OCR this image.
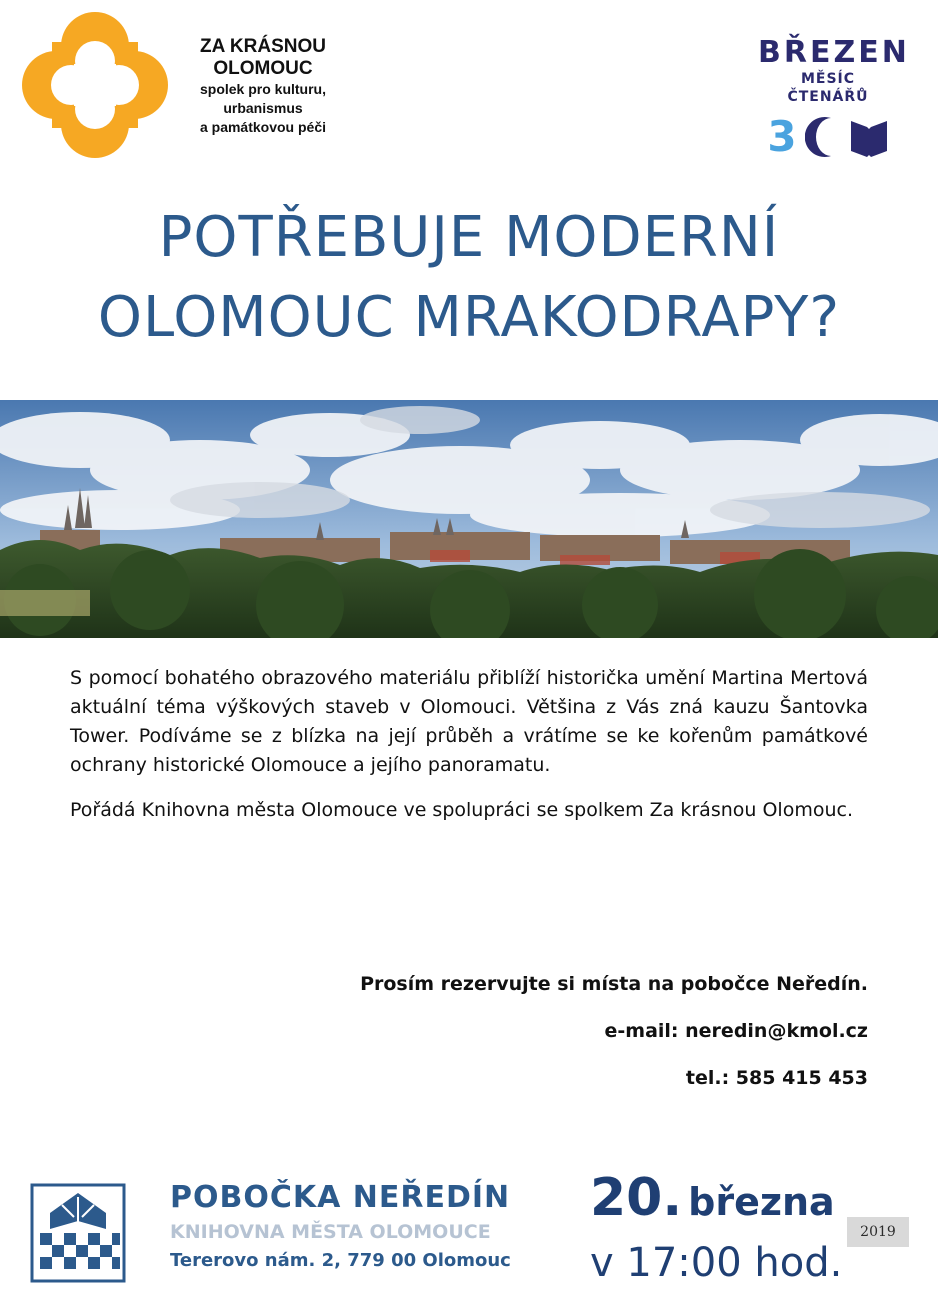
ZA KRÁSNOU
OLOMOUC
spolek pro kulturu,
urbanismus
a památkovou péči
BŘEZEN
MĚSÍC ČTENÁŘŮ
3
POTŘEBUJE MODERNÍ
OLOMOUC MRAKODRAPY?

S pomocí bohatého obrazového materiálu přiblíží historička umění Martina Mertová aktuální téma výškových staveb v Olomouci. Většina z Vás zná kauzu Šantovka Tower. Podíváme se z blízka na její průběh a vrátíme se ke kořenům památkové ochrany historické Olomouce a jejího panoramatu.

Pořádá Knihovna města Olomouce ve spolupráci se spolkem Za krásnou Olomouc.

Prosím rezervujte si místa na pobočce Neředín.
e-mail: neredin@kmol.cz
tel.: 585 415 453
POBOČKA NEŘEDÍN
KNIHOVNA MĚSTA OLOMOUCE
Tererovo nám. 2, 779 00 Olomouc
20. března
v 17:00 hod.
2019
